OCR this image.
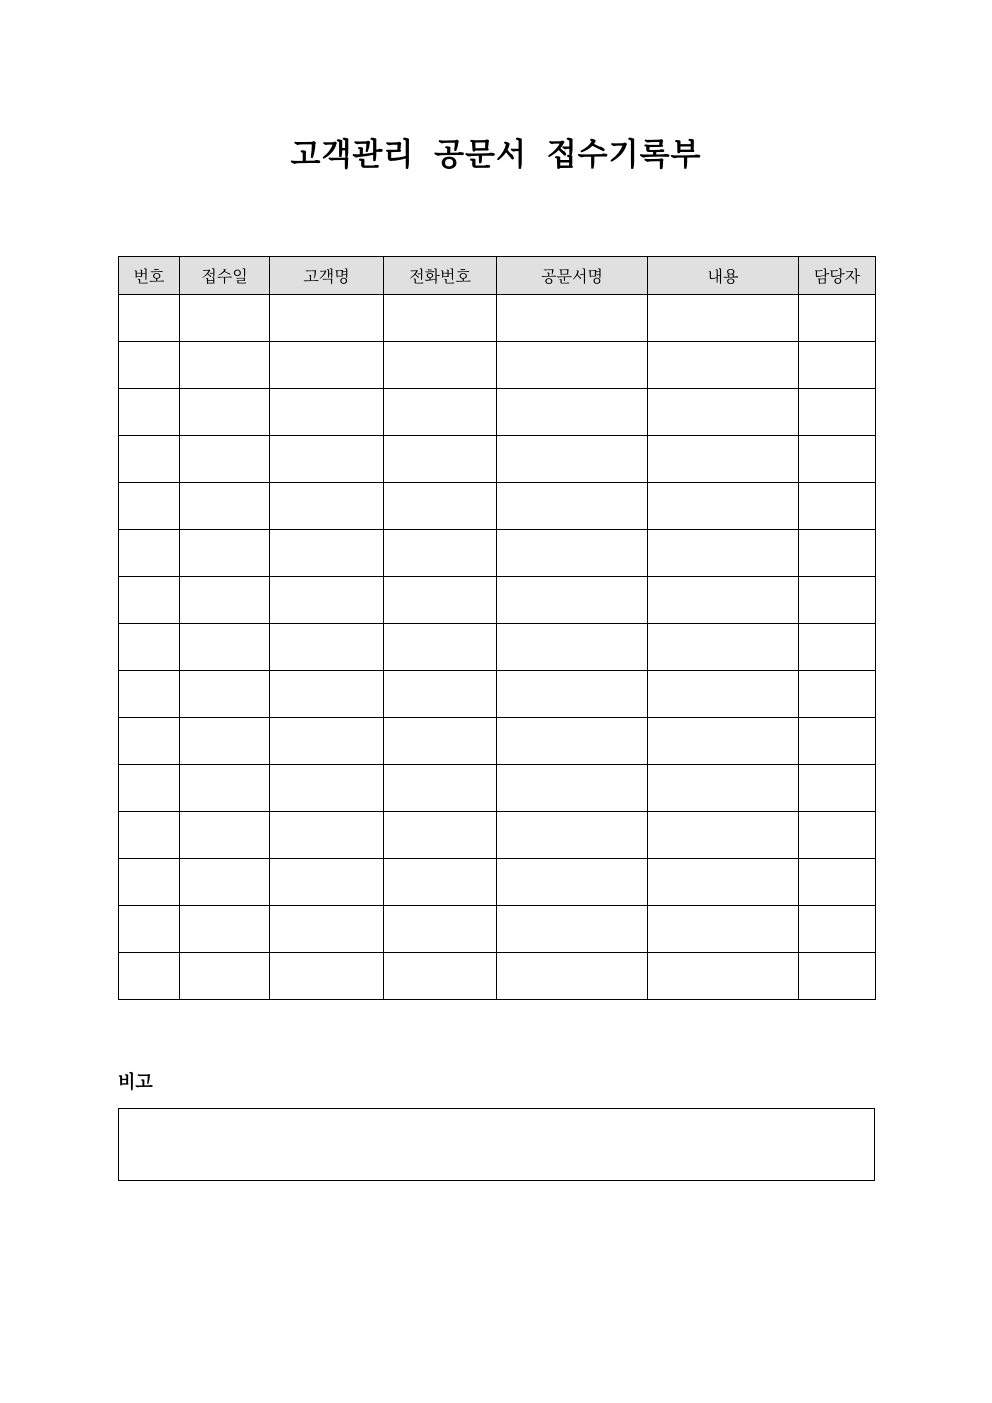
고객관리 공문서 접수기록부
번호	접수일	고객명	전화번호	공문서명	내용	담당자

비고
